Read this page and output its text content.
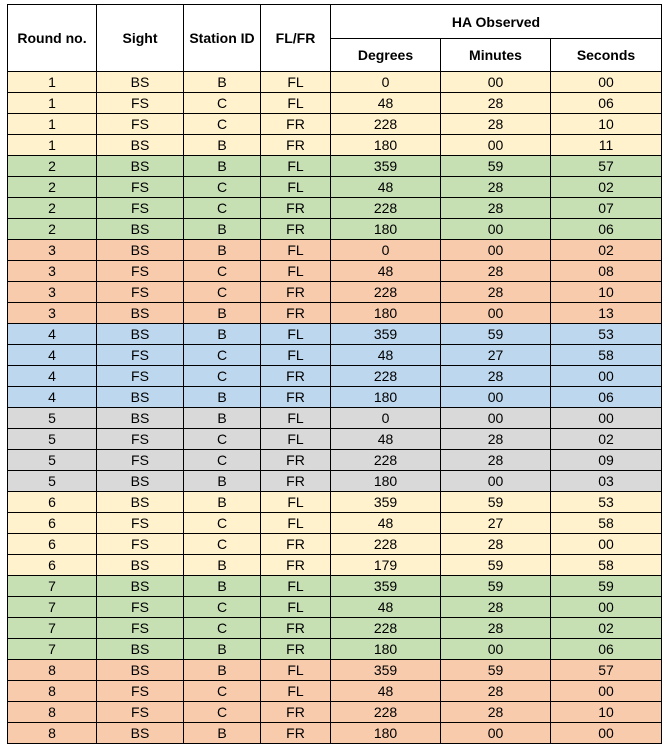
Round no.	Sight	Station ID	FL/FR	HA Observed		
				Degrees	Minutes	Seconds
1	BS	B	FL	0	00	00
1	FS	C	FL	48	28	06
1	FS	C	FR	228	28	10
1	BS	B	FR	180	00	11
2	BS	B	FL	359	59	57
2	FS	C	FL	48	28	02
2	FS	C	FR	228	28	07
2	BS	B	FR	180	00	06
3	BS	B	FL	0	00	02
3	FS	C	FL	48	28	08
3	FS	C	FR	228	28	10
3	BS	B	FR	180	00	13
4	BS	B	FL	359	59	53
4	FS	C	FL	48	27	58
4	FS	C	FR	228	28	00
4	BS	B	FR	180	00	06
5	BS	B	FL	0	00	00
5	FS	C	FL	48	28	02
5	FS	C	FR	228	28	09
5	BS	B	FR	180	00	03
6	BS	B	FL	359	59	53
6	FS	C	FL	48	27	58
6	FS	C	FR	228	28	00
6	BS	B	FR	179	59	58
7	BS	B	FL	359	59	59
7	FS	C	FL	48	28	00
7	FS	C	FR	228	28	02
7	BS	B	FR	180	00	06
8	BS	B	FL	359	59	57
8	FS	C	FL	48	28	00
8	FS	C	FR	228	28	10
8	BS	B	FR	180	00	00
